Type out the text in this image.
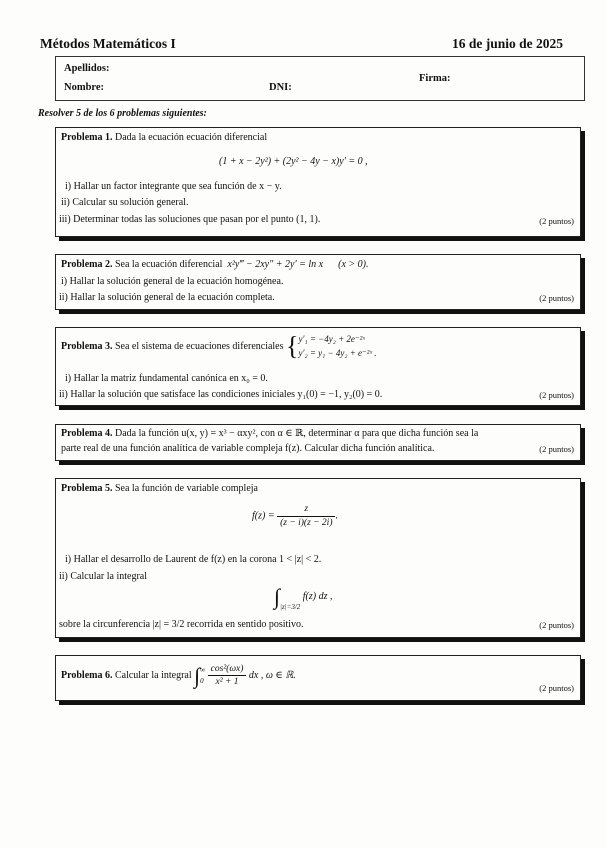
Métodos Matemáticos I	16 de junio de 2025
Apellidos:
Nombre:	DNI:
Firma:
Resolver 5 de los 6 problemas siguientes:
Problema 1. Dada la ecuación ecuación diferencial
(1 + x − 2y²) + (2y² − 4y − x)y′ = 0 ,
i) Hallar un factor integrante que sea función de x − y.
ii) Calcular su solución general.
iii) Determinar todas las soluciones que pasan por el punto (1, 1).	(2 puntos)
Problema 2. Sea la ecuación diferencial x²y‴ − 2xy″ + 2y′ = ln x (x > 0).
i) Hallar la solución general de la ecuación homogénea.
ii) Hallar la solución general de la ecuación completa.	(2 puntos)
Problema 3. Sea el sistema de ecuaciones diferenciales { y′₁ = −4y₂ + 2e⁻²ˣ
y′₂ = y₁ − 4y₂ + e⁻²ˣ .
i) Hallar la matriz fundamental canónica en x₀ = 0.
ii) Hallar la solución que satisface las condiciones iniciales y₁(0) = −1, y₂(0) = 0.	(2 puntos)
Problema 4. Dada la función u(x, y) = x³ − αxy², con α ∈ ℝ, determinar α para que dicha función sea la
parte real de una función analítica de variable compleja f(z). Calcular dicha función analítica.	(2 puntos)
Problema 5. Sea la función de variable compleja
$f(z) = \frac{z}{(z - i)(z - 2i)}$ .
i) Hallar el desarrollo de Laurent de f(z) en la corona 1 < |z| < 2.
ii) Calcular la integral
$\int_{|z|=3/2}$ f(z) dz ,
sobre la circunferencia |z| = 3/2 recorrida en sentido positivo.	(2 puntos)
Problema 6. Calcular la integral ∫ ∞
0
$\frac{\text{cos²(ωx)}}{\text{x² + 1}}$ dx , ω ∈ ℝ.
(2 puntos)
